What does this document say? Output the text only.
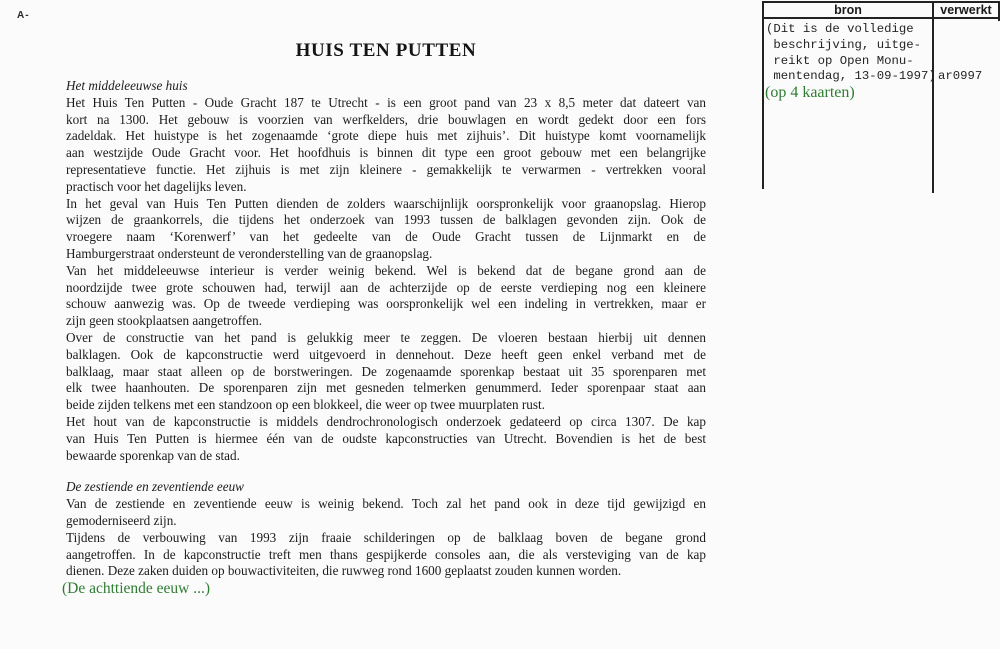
A-
HUIS TEN PUTTEN
Het middeleeuwse huis
Het Huis Ten Putten - Oude Gracht 187 te Utrecht - is een groot pand van 23 x 8,5 meter dat dateert van
kort na 1300. Het gebouw is voorzien van werfkelders, drie bouwlagen en wordt gedekt door een fors
zadeldak. Het huistype is het zogenaamde ‘grote diepe huis met zijhuis’. Dit huistype komt voornamelijk
aan westzijde Oude Gracht voor. Het hoofdhuis is binnen dit type een groot gebouw met een belangrijke
representatieve functie. Het zijhuis is met zijn kleinere - gemakkelijk te verwarmen - vertrekken vooral
practisch voor het dagelijks leven.
In het geval van Huis Ten Putten dienden de zolders waarschijnlijk oorspronkelijk voor graanopslag. Hierop
wijzen de graankorrels, die tijdens het onderzoek van 1993 tussen de balklagen gevonden zijn. Ook de
vroegere naam ‘Korenwerf’ van het gedeelte van de Oude Gracht tussen de Lijnmarkt en de
Hamburgerstraat ondersteunt de veronderstelling van de graanopslag.
Van het middeleeuwse interieur is verder weinig bekend. Wel is bekend dat de begane grond aan de
noordzijde twee grote schouwen had, terwijl aan de achterzijde op de eerste verdieping nog een kleinere
schouw aanwezig was. Op de tweede verdieping was oorspronkelijk wel een indeling in vertrekken, maar er
zijn geen stookplaatsen aangetroffen.
Over de constructie van het pand is gelukkig meer te zeggen. De vloeren bestaan hierbij uit dennen
balklagen. Ook de kapconstructie werd uitgevoerd in dennehout. Deze heeft geen enkel verband met de
balklaag, maar staat alleen op de borstweringen. De zogenaamde sporenkap bestaat uit 35 sporenparen met
elk twee haanhouten. De sporenparen zijn met gesneden telmerken genummerd. Ieder sporenpaar staat aan
beide zijden telkens met een standzoon op een blokkeel, die weer op twee muurplaten rust.
Het hout van de kapconstructie is middels dendrochronologisch onderzoek gedateerd op circa 1307. De kap
van Huis Ten Putten is hiermee één van de oudste kapconstructies van Utrecht. Bovendien is het de best
bewaarde sporenkap van de stad.
De zestiende en zeventiende eeuw
Van de zestiende en zeventiende eeuw is weinig bekend. Toch zal het pand ook in deze tijd gewijzigd en
gemoderniseerd zijn.
Tijdens de verbouwing van 1993 zijn fraaie schilderingen op de balklaag boven de begane grond
aangetroffen. In de kapconstructie treft men thans gespijkerde consoles aan, die als versteviging van de kap
dienen. Deze zaken duiden op bouwactiviteiten, die ruwweg rond 1600 geplaatst zouden kunnen worden.
(De achttiende eeuw ...)
bron	verwerkt
(Dit is de volledige
beschrijving, uitge-
reikt op Open Monu-
mentendag, 13-09-1997)
(op 4 kaarten)
ar0997
